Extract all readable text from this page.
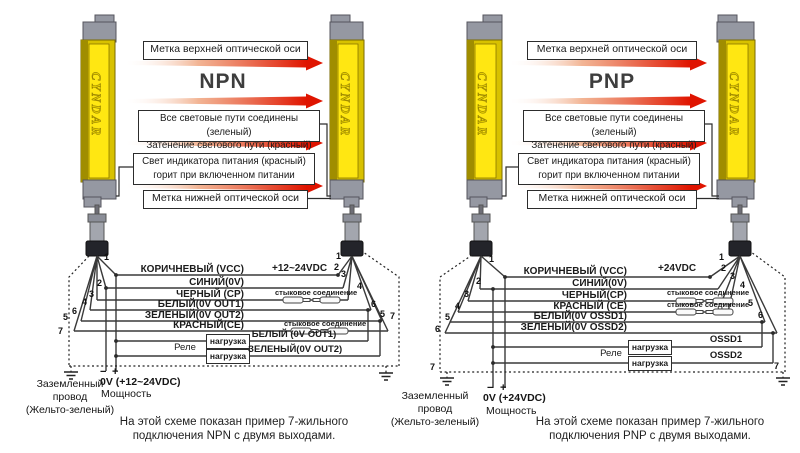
CYNDAR	CYNDAR	CYNDAR	CYNDAR
Метка верхней оптической оси
NPN
Все световые пути соединены (зеленый)
Затенение светового пути (красный)
Свет индикатора питания (красный)
горит при включенном питании
Метка нижней оптической оси
КОРИЧНЕВЫЙ (VCC)
СИНИЙ(0V)
ЧЕРНЫЙ (СР)
БЕЛЫЙ(0V OUT1)
ЗЕЛЕНЫЙ(0V OUT2)
КРАСНЫЙ(СЕ)
+12~24VDC
стыковое соединение
стыковое соединение
нагрузка
нагрузка
Реле
БЕЛЫЙ (0V OUT1)
ЗЕЛЕНЫЙ(0V OUT2)
1
2
3
4
6
5
7
1
2
3
4
6
5 7
− +
0V (+12~24VDC)
Мощность
Заземленный
провод
(Жельто-зеленый)
На этой схеме показан пример 7-жильного
подключения NPN с двумя выходами.
Метка верхней оптической оси
PNP
Все световые пути соединены (зеленый)
Затенение светового пути (красный)
Свет индикатора питания (красный)
горит при включенном питании
Метка нижней оптической оси
КОРИЧНЕВЫЙ (VCC)
СИНИЙ(0V)
ЧЕРНЫЙ(СР)
КРАСНЫЙ (СЕ)
БЕЛЫЙ(0V OSSD1)
ЗЕЛЕНЫЙ(0V OSSD2)
+24VDC
стыковое соединение
стыковое соединение
нагрузка
нагрузка
Реле
OSSD1
OSSD2
1
2
3
4
5
6
7
1
2
3
4
5
6
7
− +
0V (+24VDC)
Мощность
Заземленный
провод
(Жельто-зеленый)	На этой схеме показан пример 7-жильного
подключения PNP с двумя выходами.
